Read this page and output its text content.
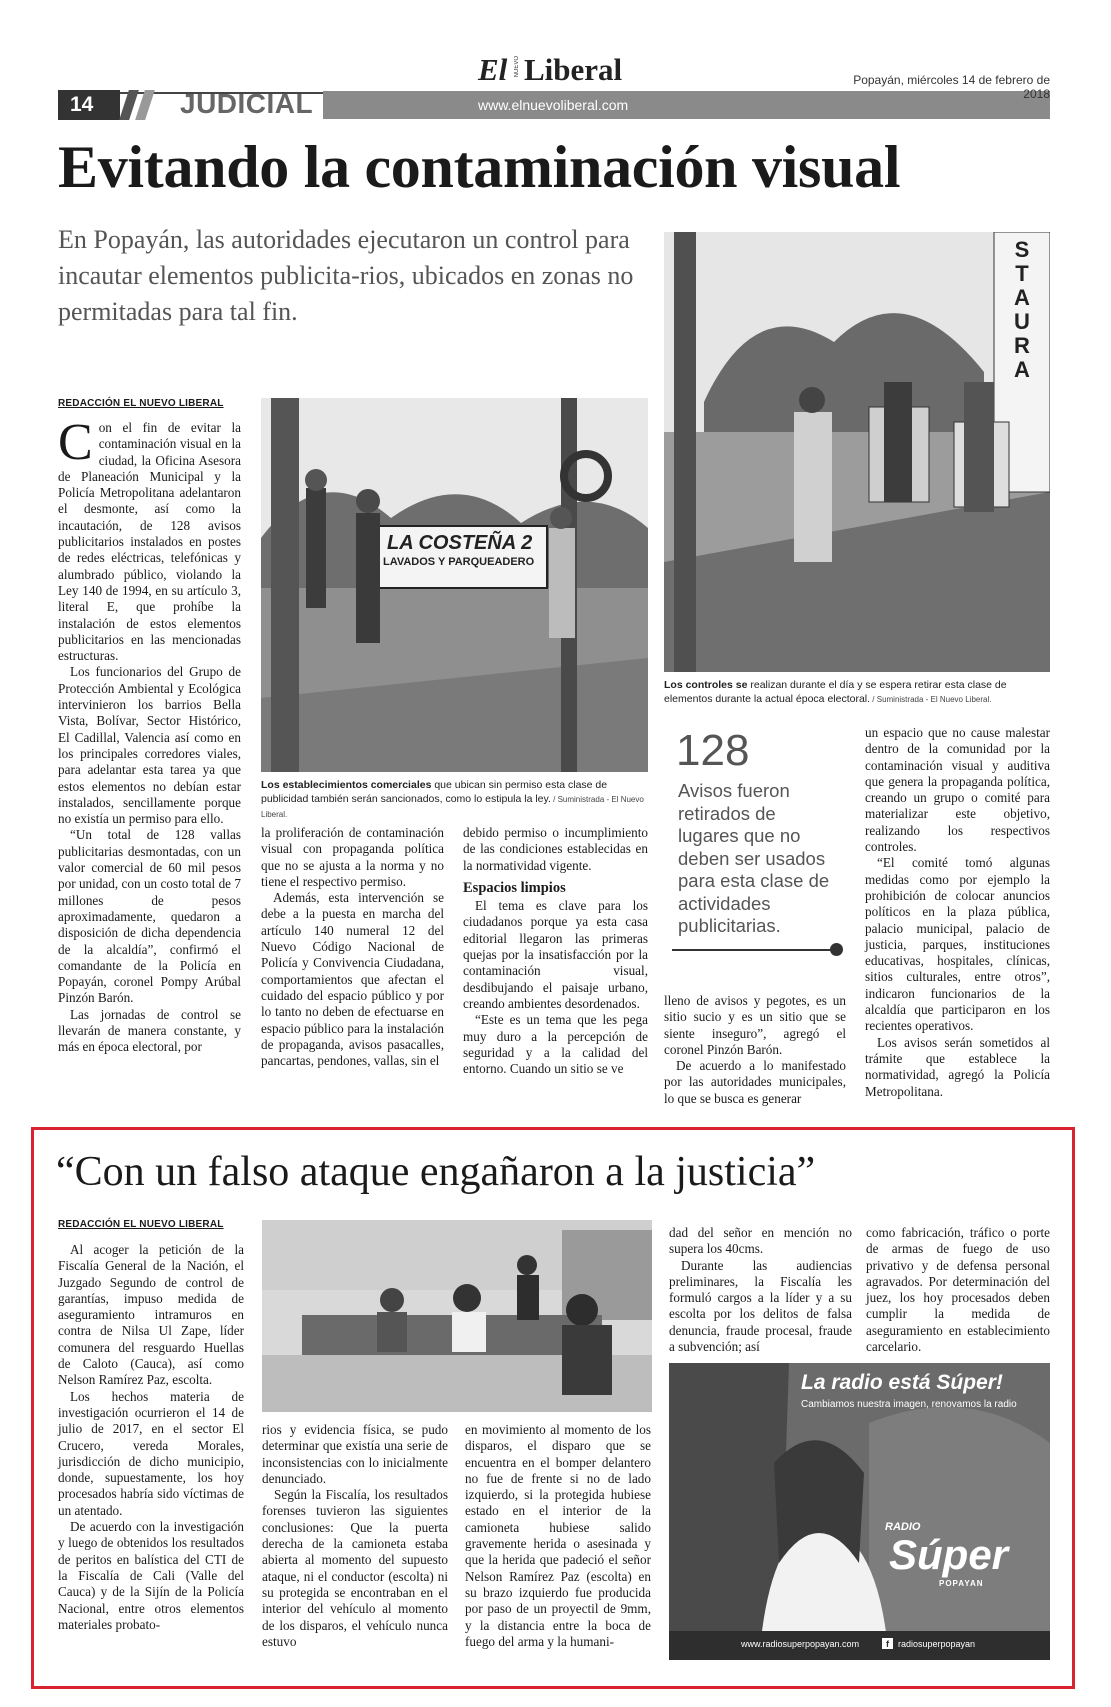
14	JUDICIAL	www.elnuevoliberal.com
El NUEVO Liberal	Popayán, miércoles 14 de febrero de 2018
Evitando la contaminación visual
En Popayán, las autoridades ejecutaron un control para incautar elementos publicita-rios, ubicados en zonas no permitadas para tal fin.
REDACCIÓN EL NUEVO LIBERAL
C on el fin de evitar la contaminación visual en la ciudad, la Oficina Asesora de Planeación Municipal y la Policía Metropolitana adelantaron el desmonte, así como la incautación, de 128 avisos publicitarios instalados en postes de redes eléctricas, telefónicas y alumbrado público, violando la Ley 140 de 1994, en su artículo 3, literal E, que prohíbe la instalación de estos elementos publicitarios en las mencionadas estructuras.

Los funcionarios del Grupo de Protección Ambiental y Ecológica intervinieron los barrios Bella Vista, Bolívar, Sector Histórico, El Cadillal, Valencia así como en los principales corredores viales, para adelantar esta tarea ya que estos elementos no debían estar instalados, sencillamente porque no existía un permiso para ello.

“Un total de 128 vallas publicitarias desmontadas, con un valor comercial de 60 mil pesos por unidad, con un costo total de 7 millones de pesos aproximadamente, quedaron a disposición de dicha dependencia de la alcaldía”, confirmó el comandante de la Policía en Popayán, coronel Pompy Arúbal Pinzón Barón.

Las jornadas de control se llevarán de manera constante, y más en época electoral, por

LA COSTEÑA 2
LAVADOS Y PARQUEADERO
Los establecimientos comerciales que ubican sin permiso esta clase de publicidad también serán sancionados, como lo estipula la ley. / Suministrada - El Nuevo Liberal.

la proliferación de contaminación visual con propaganda política que no se ajusta a la norma y no tiene el respectivo permiso.

Además, esta intervención se debe a la puesta en marcha del artículo 140 numeral 12 del Nuevo Código Nacional de Policía y Convivencia Ciudadana, comportamientos que afectan el cuidado del espacio público y por lo tanto no deben de efectuarse en espacio público para la instalación de propaganda, avisos pasacalles, pancartas, pendones, vallas, sin el

debido permiso o incumplimiento de las condiciones establecidas en la normatividad vigente.

Espacios limpios

El tema es clave para los ciudadanos porque ya esta casa editorial llegaron las primeras quejas por la insatisfacción por la contaminación visual, desdibujando el paisaje urbano, creando ambientes desordenados.

“Este es un tema que les pega muy duro a la percepción de seguridad y a la calidad del entorno. Cuando un sitio se ve

STAURA
Los controles se realizan durante el día y se espera retirar esta clase de elementos durante la actual época electoral. / Suministrada - El Nuevo Liberal.
128
Avisos fueron retirados de lugares que no deben ser usados para esta clase de actividades publicitarias.

lleno de avisos y pegotes, es un sitio sucio y es un sitio que se siente inseguro”, agregó el coronel Pinzón Barón.

De acuerdo a lo manifestado por las autoridades municipales, lo que se busca es generar

un espacio que no cause malestar dentro de la comunidad por la contaminación visual y auditiva que genera la propaganda política, creando un grupo o comité para materializar este objetivo, realizando los respectivos controles.

“El comité tomó algunas medidas como por ejemplo la prohibición de colocar anuncios políticos en la plaza pública, palacio municipal, palacio de justicia, parques, instituciones educativas, hospitales, clínicas, sitios culturales, entre otros”, indicaron funcionarios de la alcaldía que participaron en los recientes operativos.

Los avisos serán sometidos al trámite que establece la normatividad, agregó la Policía Metropolitana.

“Con un falso ataque engañaron a la justicia”
REDACCIÓN EL NUEVO LIBERAL

Al acoger la petición de la Fiscalía General de la Nación, el Juzgado Segundo de control de garantías, impuso medida de aseguramiento intramuros en contra de Nilsa Ul Zape, líder comunera del resguardo Huellas de Caloto (Cauca), así como Nelson Ramírez Paz, escolta.

Los hechos materia de investigación ocurrieron el 14 de julio de 2017, en el sector El Crucero, vereda Morales, jurisdicción de dicho municipio, donde, supuestamente, los hoy procesados habría sido víctimas de un atentado.

De acuerdo con la investigación y luego de obtenidos los resultados de peritos en balística del CTI de la Fiscalía de Cali (Valle del Cauca) y de la Sijín de la Policía Nacional, entre otros elementos materiales probato-

rios y evidencia física, se pudo determinar que existía una serie de inconsistencias con lo inicialmente denunciado.

Según la Fiscalía, los resultados forenses tuvieron las siguientes conclusiones: Que la puerta derecha de la camioneta estaba abierta al momento del supuesto ataque, ni el conductor (escolta) ni su protegida se encontraban en el interior del vehículo al momento de los disparos, el vehículo nunca estuvo

en movimiento al momento de los disparos, el disparo que se encuentra en el bomper delantero no fue de frente si no de lado izquierdo, si la protegida hubiese estado en el interior de la camioneta hubiese salido gravemente herida o asesinada y que la herida que padeció el señor Nelson Ramírez Paz (escolta) en su brazo izquierdo fue producida por paso de un proyectil de 9mm, y la distancia entre la boca de fuego del arma y la humani-

dad del señor en mención no supera los 40cms.

Durante las audiencias preliminares, la Fiscalía les formuló cargos a la líder y a su escolta por los delitos de falsa denuncia, fraude procesal, fraude a subvención; así

como fabricación, tráfico o porte de armas de fuego de uso privativo y de defensa personal agravados. Por determinación del juez, los hoy procesados deben cumplir la medida de aseguramiento en establecimiento carcelario.

La radio está Súper!
Cambiamos nuestra imagen, renovamos la radio
RADIO
Súper
POPAYAN
www.radiosuperpopayan.com	f	radiosuperpopayan
